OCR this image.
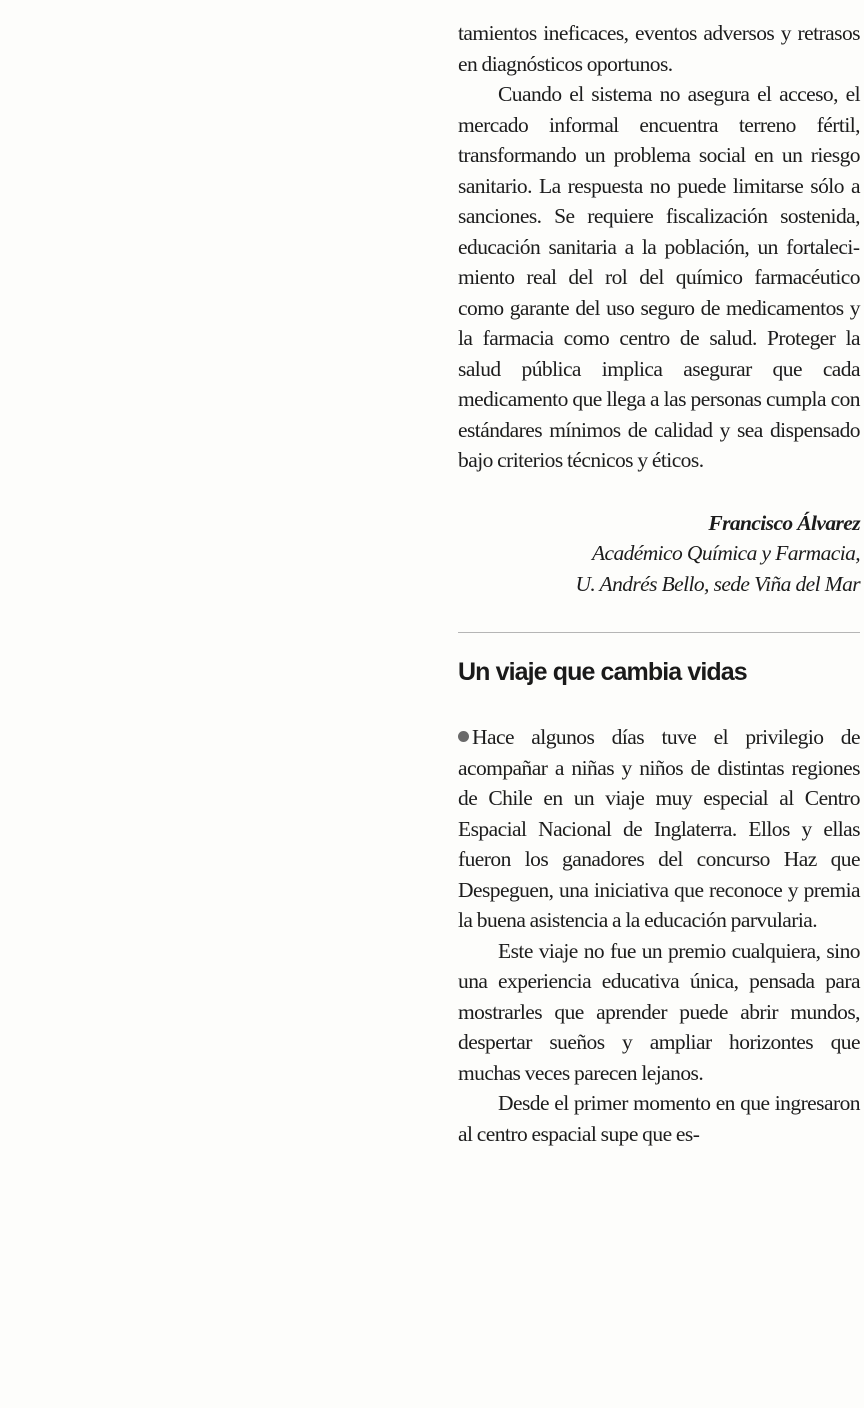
tamientos ineficaces, eventos adversos y retrasos en diagnósticos oportunos.

Cuando el sistema no asegura el acceso, el mercado informal encuentra terreno fértil, transformando un problema social en un riesgo sanitario. La respuesta no puede limitarse sólo a sanciones. Se requiere fiscalización sostenida, educación sanitaria a la población, un fortalecimiento real del rol del químico farmacéutico como garante del uso seguro de medicamentos y la farmacia como centro de salud. Proteger la salud pública implica asegurar que cada medicamento que llega a las personas cumpla con estándares mínimos de calidad y sea dispensado bajo criterios técnicos y éticos.

Francisco Álvarez
Académico Química y Farmacia,
U. Andrés Bello, sede Viña del Mar
Un viaje que cambia vidas

Hace algunos días tuve el privilegio de acompañar a niñas y niños de distintas regiones de Chile en un viaje muy especial al Centro Espacial Nacional de Inglaterra. Ellos y ellas fueron los ganadores del concurso Haz que Despeguen, una iniciativa que reconoce y premia la buena asistencia a la educación parvularia.

Este viaje no fue un premio cualquiera, sino una experiencia educativa única, pensada para mostrarles que aprender puede abrir mundos, despertar sueños y ampliar horizontes que muchas veces parecen lejanos.

Desde el primer momento en que ingresaron al centro espacial supe que es-
